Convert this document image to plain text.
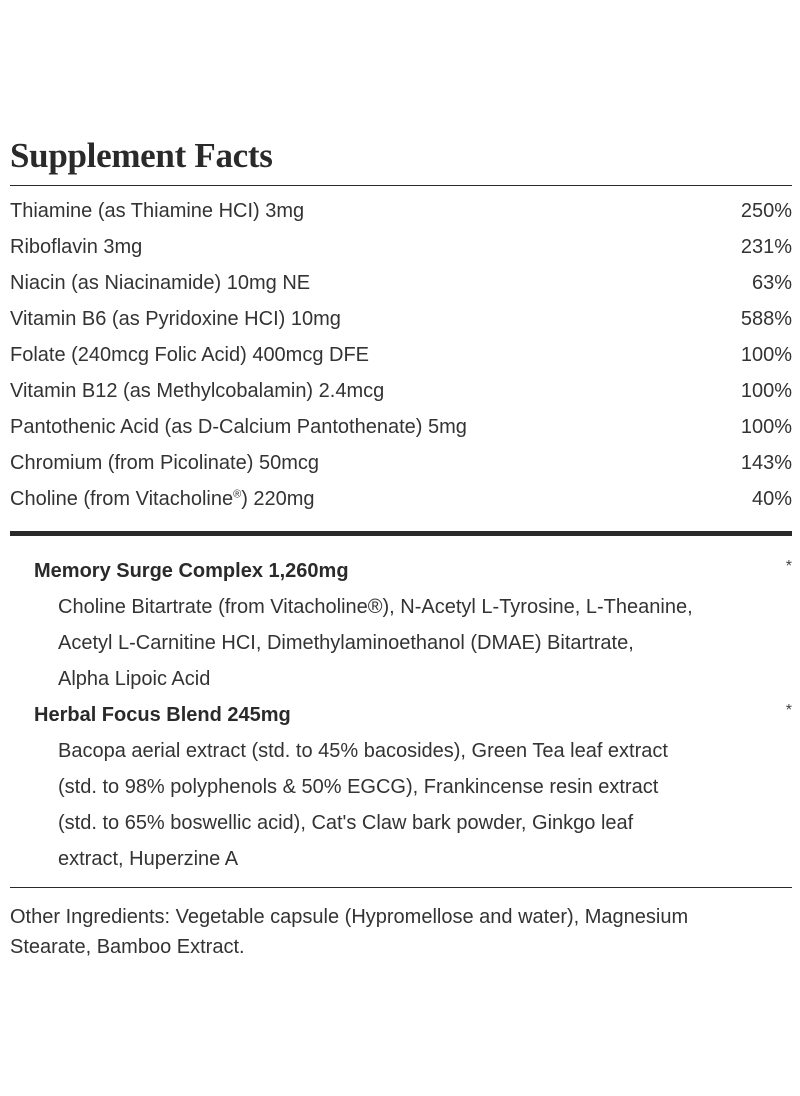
Supplement Facts
Thiamine (as Thiamine HCI) 3mg	250%
Riboflavin 3mg	231%
Niacin (as Niacinamide) 10mg NE	63%
Vitamin B6 (as Pyridoxine HCI) 10mg	588%
Folate (240mcg Folic Acid) 400mcg DFE	100%
Vitamin B12 (as Methylcobalamin) 2.4mcg	100%
Pantothenic Acid (as D-Calcium Pantothenate) 5mg	100%
Chromium (from Picolinate) 50mcg	143%
Choline (from Vitacholine®) 220mg	40%
Memory Surge Complex 1,260mg	*
Choline Bitartrate (from Vitacholine®), N-Acetyl L-Tyrosine, L-Theanine,
Acetyl L-Carnitine HCI, Dimethylaminoethanol (DMAE) Bitartrate,
Alpha Lipoic Acid
Herbal Focus Blend 245mg	*
Bacopa aerial extract (std. to 45% bacosides), Green Tea leaf extract
(std. to 98% polyphenols & 50% EGCG), Frankincense resin extract
(std. to 65% boswellic acid), Cat's Claw bark powder, Ginkgo leaf
extract, Huperzine A
Other Ingredients: Vegetable capsule (Hypromellose and water), Magnesium
Stearate, Bamboo Extract.
